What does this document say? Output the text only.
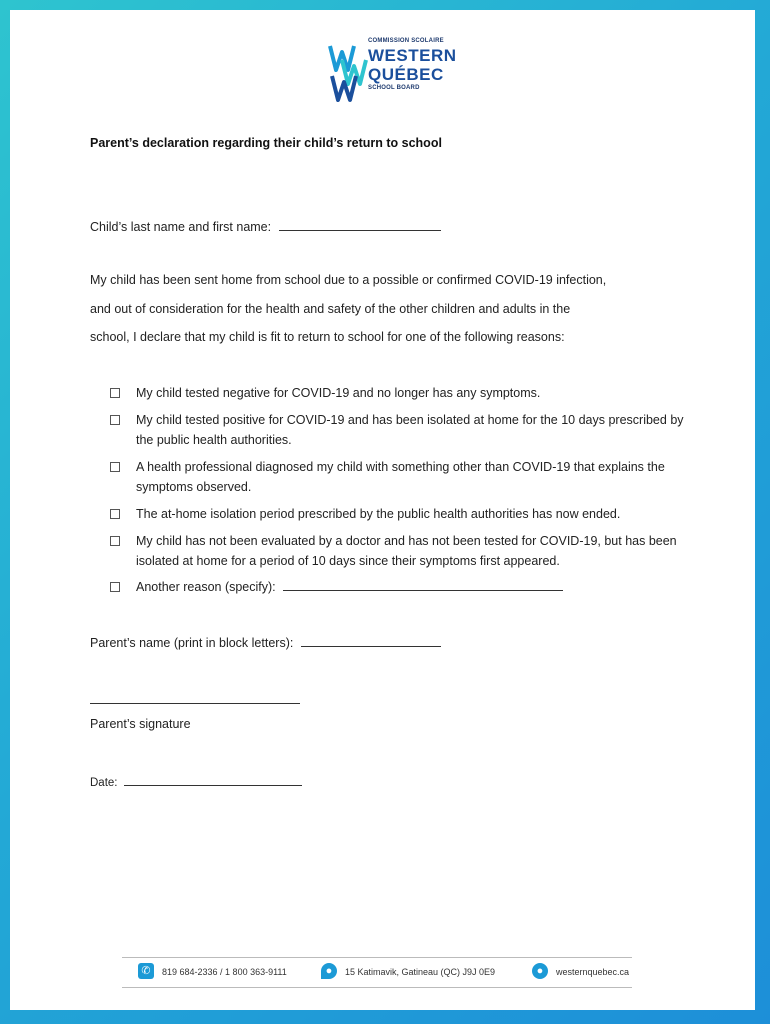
COMMISSION SCOLAIRE
WESTERN
QUÉBEC
SCHOOL BOARD
Parent’s declaration regarding their child’s return to school
Child’s last name and first name:
My child has been sent home from school due to a possible or confirmed COVID-19 infection,
and out of consideration for the health and safety of the other children and adults in the
school, I declare that my child is fit to return to school for one of the following reasons:
My child tested negative for COVID-19 and no longer has any symptoms.
My child tested positive for COVID-19 and has been isolated at home for the 10 days prescribed by the public health authorities.
A health professional diagnosed my child with something other than COVID-19 that explains the symptoms observed.
The at-home isolation period prescribed by the public health authorities has now ended.
My child has not been evaluated by a doctor and has not been tested for COVID-19, but has been isolated at home for a period of 10 days since their symptoms first appeared.
Another reason (specify):
Parent’s name (print in block letters):
Parent’s signature
Date:
✆	819 684-2336 / 1 800 363-9111	●	15 Katimavik, Gatineau (QC) J9J 0E9	●	westernquebec.ca
